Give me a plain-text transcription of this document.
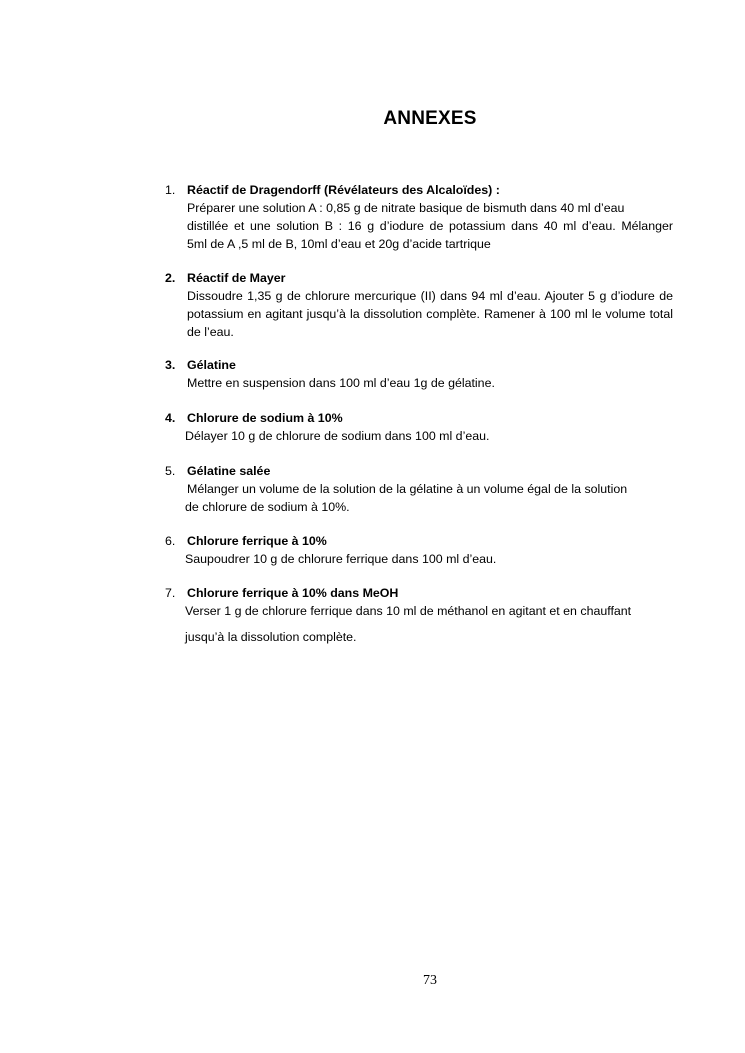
ANNEXES
1. Réactif de Dragendorff (Révélateurs des Alcaloïdes) :
Préparer une solution A : 0,85 g de nitrate basique de bismuth dans 40 ml d’eau
distillée et une solution B : 16 g d’iodure de potassium dans 40 ml d’eau. Mélanger
5ml de A ,5 ml de B, 10ml d’eau et 20g d’acide tartrique
2. Réactif de Mayer
Dissoudre 1,35 g de chlorure mercurique (II) dans 94 ml d’eau. Ajouter 5 g d’iodure de potassium en agitant jusqu’à la dissolution complète. Ramener à 100 ml le volume total de l’eau.
3. Gélatine
Mettre en suspension dans 100 ml d’eau 1g de gélatine.
4. Chlorure de sodium à 10%
Délayer 10 g de chlorure de sodium dans 100 ml d’eau.
5. Gélatine salée
Mélanger un volume de la solution de la gélatine à un volume égal de la solution
de chlorure de sodium à 10%.
6. Chlorure ferrique à 10%
Saupoudrer 10 g de chlorure ferrique dans 100 ml d’eau.
7. Chlorure ferrique à 10% dans MeOH
Verser 1 g de chlorure ferrique dans 10 ml de méthanol en agitant et en chauffant
jusqu’à la dissolution complète.
73
